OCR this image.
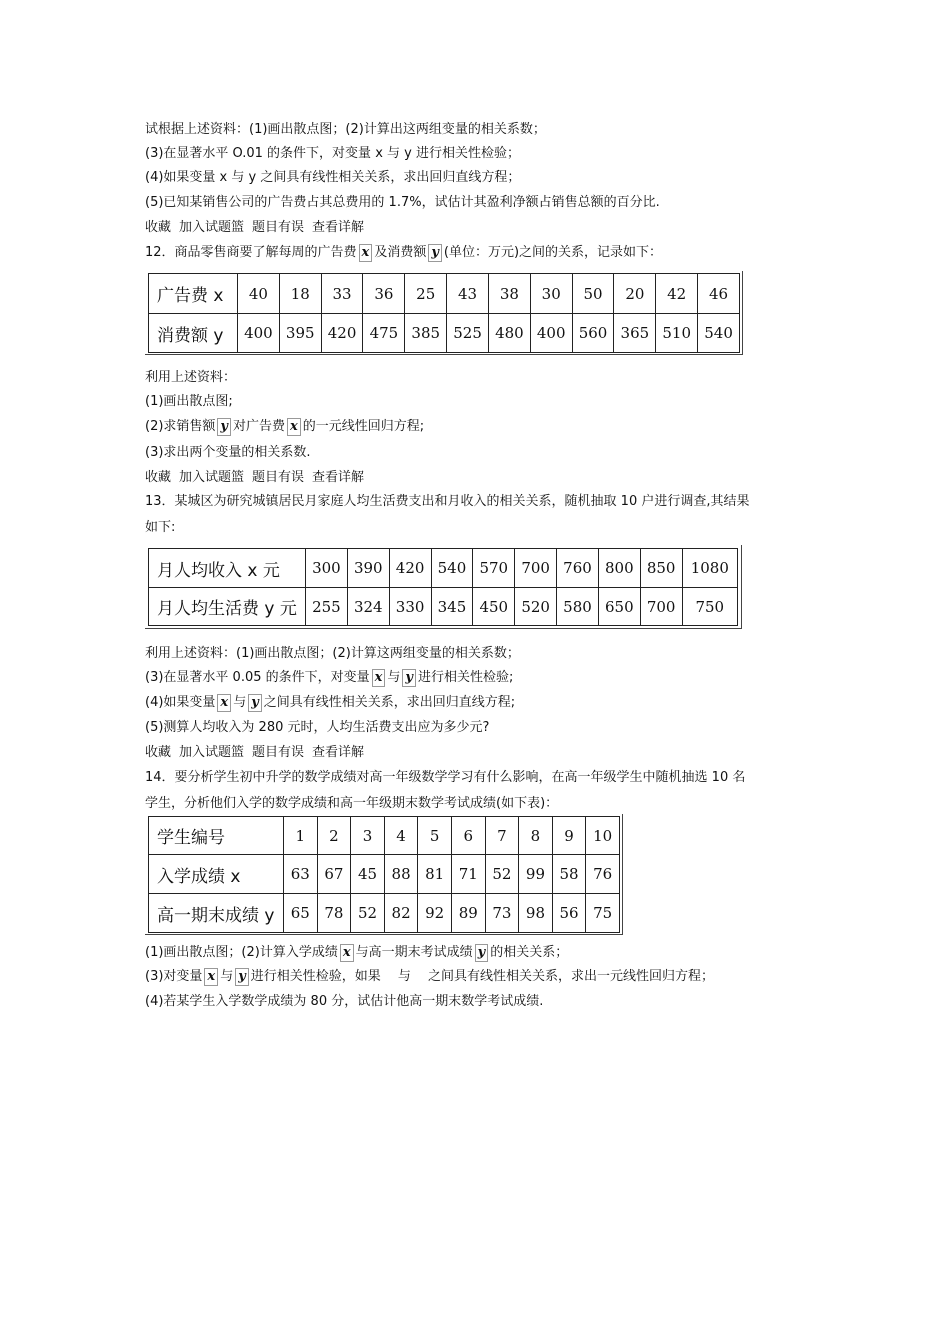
试根据上述资料：(1)画出散点图；(2)计算出这两组变量的相关系数；
(3)在显著水平 O.01 的条件下，对变量 x 与 y 进行相关性检验；
(4)如果变量 x 与 y 之间具有线性相关关系，求出回归直线方程；
(5)已知某销售公司的广告费占其总费用的 1.7%，试估计其盈利净额占销售总额的百分比.
收藏 加入试题篮 题目有误 查看详解
12．商品零售商要了解每周的广告费 x 及消费额 y (单位：万元)之间的关系，记录如下：
广告费 x	40	18	33	36	25	43	38	30	50	20	42	46
消费额 y	400	395	420	475	385	525	480	400	560	365	510	540
利用上述资料：
(1)画出散点图;
(2)求销售额 y 对广告费 x 的一元线性回归方程;
(3)求出两个变量的相关系数.
收藏 加入试题篮 题目有误 查看详解
13．某城区为研究城镇居民月家庭人均生活费支出和月收入的相关关系，随机抽取 10 户进行调查,其结果
如下:
月人均收入 x 元	300	390	420	540	570	700	760	800	850	1080
月人均生活费 y 元	255	324	330	345	450	520	580	650	700	750
利用上述资料：(1)画出散点图；(2)计算这两组变量的相关系数；
(3)在显著水平 0.05 的条件下，对变量 x 与 y 进行相关性检验;
(4)如果变量 x 与 y 之间具有线性相关关系，求出回归直线方程;
(5)测算人均收入为 280 元时，人均生活费支出应为多少元?
收藏 加入试题篮 题目有误 查看详解
14．要分析学生初中升学的数学成绩对高一年级数学学习有什么影响，在高一年级学生中随机抽选 10 名
学生，分析他们入学的数学成绩和高一年级期末数学考试成绩(如下表)：
学生编号	1	2	3	4	5	6	7	8	9	10
入学成绩 x	63	67	45	88	81	71	52	99	58	76
高一期末成绩 y	65	78	52	82	92	89	73	98	56	75
(1)画出散点图；(2)计算入学成绩 x 与高一期末考试成绩 y 的相关关系；
(3)对变量 x 与 y 进行相关性检验，如果　 与　 之间具有线性相关关系，求出一元线性回归方程；
(4)若某学生入学数学成绩为 80 分，试估计他高一期末数学考试成绩.
